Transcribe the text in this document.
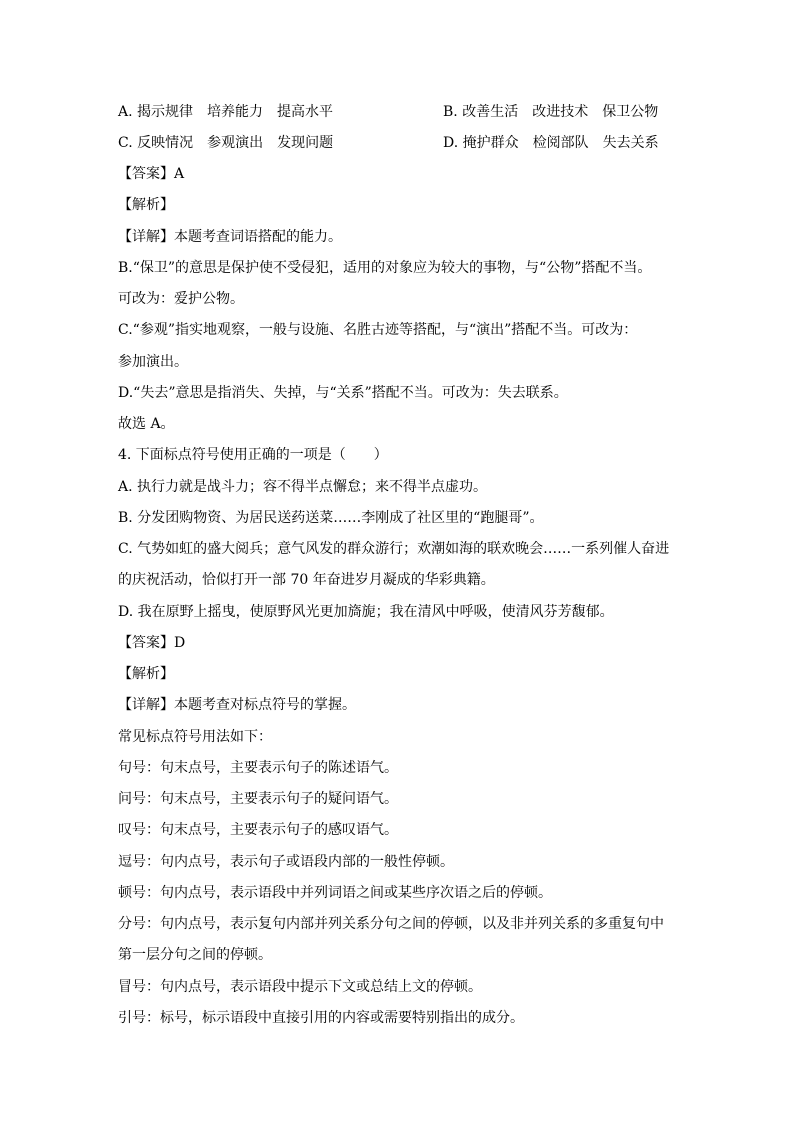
A. 揭示规律　培养能力　提高水平	B. 改善生活　改进技术　保卫公物
C. 反映情况　参观演出　发现问题	D. 掩护群众　检阅部队　失去关系
【答案】A
【解析】
【详解】本题考查词语搭配的能力。
B.“保卫”的意思是保护使不受侵犯，适用的对象应为较大的事物，与“公物”搭配不当。
可改为：爱护公物。
C.“参观”指实地观察，一般与设施、名胜古迹等搭配，与“演出”搭配不当。可改为：
参加演出。
D.“失去”意思是指消失、失掉，与“关系”搭配不当。可改为：失去联系。
故选 A。
4. 下面标点符号使用正确的一项是（　　）
A. 执行力就是战斗力；容不得半点懈怠；来不得半点虚功。
B. 分发团购物资、为居民送药送菜……李刚成了社区里的“跑腿哥”。
C. 气势如虹的盛大阅兵；意气风发的群众游行；欢潮如海的联欢晚会……一系列催人奋进
的庆祝活动，恰似打开一部 70 年奋进岁月凝成的华彩典籍。
D. 我在原野上摇曳，使原野风光更加旖旎；我在清风中呼吸，使清风芬芳馥郁。
【答案】D
【解析】
【详解】本题考查对标点符号的掌握。
常见标点符号用法如下：
句号：句末点号，主要表示句子的陈述语气。
问号：句末点号，主要表示句子的疑问语气。
叹号：句末点号，主要表示句子的感叹语气。
逗号：句内点号，表示句子或语段内部的一般性停顿。
顿号：句内点号，表示语段中并列词语之间或某些序次语之后的停顿。
分号：句内点号，表示复句内部并列关系分句之间的停顿，以及非并列关系的多重复句中
第一层分句之间的停顿。
冒号：句内点号，表示语段中提示下文或总结上文的停顿。
引号：标号，标示语段中直接引用的内容或需要特别指出的成分。
